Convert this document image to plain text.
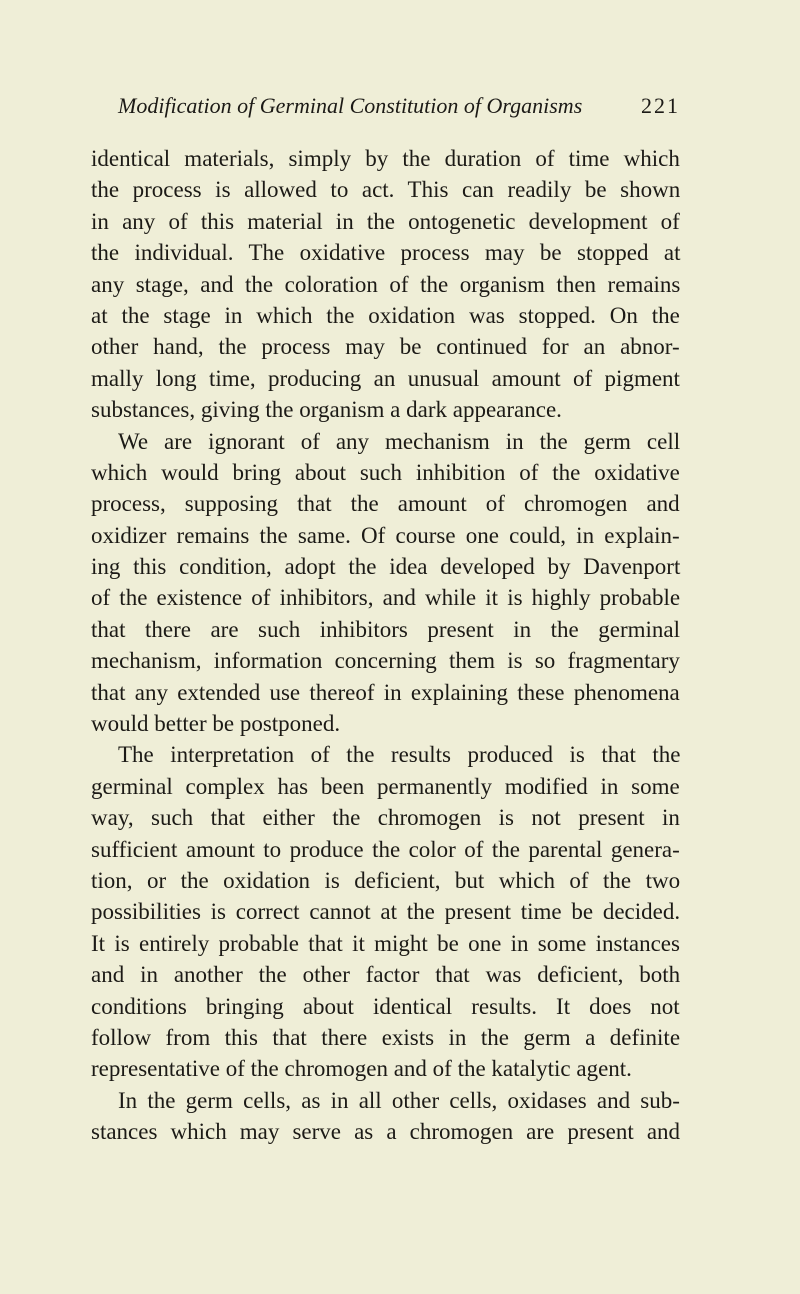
Modification of Germinal Constitution of Organisms	221
identical materials, simply by the duration of time which
the process is allowed to act. This can readily be shown
in any of this material in the ontogenetic development of
the individual. The oxidative process may be stopped at
any stage, and the coloration of the organism then remains
at the stage in which the oxidation was stopped. On the
other hand, the process may be continued for an abnor-
mally long time, producing an unusual amount of pigment
substances, giving the organism a dark appearance.
We are ignorant of any mechanism in the germ cell
which would bring about such inhibition of the oxidative
process, supposing that the amount of chromogen and
oxidizer remains the same. Of course one could, in explain-
ing this condition, adopt the idea developed by Davenport
of the existence of inhibitors, and while it is highly probable
that there are such inhibitors present in the germinal
mechanism, information concerning them is so fragmentary
that any extended use thereof in explaining these phenomena
would better be postponed.
The interpretation of the results produced is that the
germinal complex has been permanently modified in some
way, such that either the chromogen is not present in
sufficient amount to produce the color of the parental genera-
tion, or the oxidation is deficient, but which of the two
possibilities is correct cannot at the present time be decided.
It is entirely probable that it might be one in some instances
and in another the other factor that was deficient, both
conditions bringing about identical results. It does not
follow from this that there exists in the germ a definite
representative of the chromogen and of the katalytic agent.
In the germ cells, as in all other cells, oxidases and sub-
stances which may serve as a chromogen are present and
